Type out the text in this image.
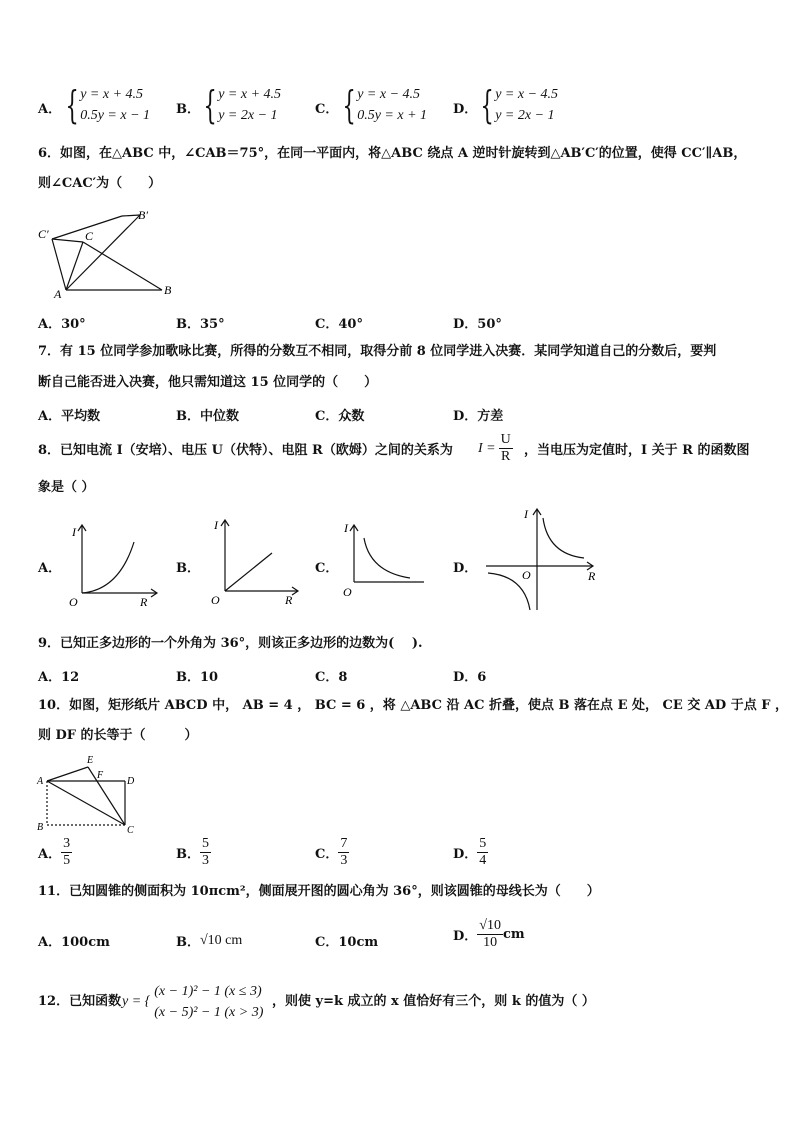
A． { y = x + 4.5
0.5y = x − 1 B． { y = x + 4.5
y = 2x − 1	C． { y = x − 4.5
0.5y = x + 1 D． { y = x − 4.5
y = 2x − 1
6．如图，在△ABC 中，∠CAB＝75°，在同一平面内，将△ABC 绕点 A 逆时针旋转到△AB′C′的位置，使得 CC′∥AB，
则∠CAC′为（　　）
C′	C
B′
A	B
A．30°	B．35°	C．40°	D．50°
7．有 15 位同学参加歌咏比赛，所得的分数互不相同，取得分前 8 位同学进入决赛．某同学知道自己的分数后，要判
断自己能否进入决赛，他只需知道这 15 位同学的（　　）
A．平均数	B．中位数	C．众数	D．方差
8．已知电流 I（安培）、电压 U（伏特）、电阻 R（欧姆）之间的关系为 $I = \frac{U}{R}$ ，当电压为定值时，I 关于 R 的函数图
象是（ ）
A．
I
O	R
B．
I
O	R
C．
I
O
D．
I
O	R
9．已知正多边形的一个外角为 36°，则该正多边形的边数为(　 ).
A．12	B．10	C．8	D．6
10．如图，矩形纸片 ABCD 中， AB = 4 ， BC = 6 ，将 △ABC 沿 AC 折叠，使点 B 落在点 E 处， CE 交 AD 于点 F ，
则 DF 的长等于（　　　）
A
E
F
D
B	C
A． $\frac{3}{5}$	B． $\frac{5}{3}$	C． $\frac{7}{3}$	D． $\frac{5}{4}$
11．已知圆锥的侧面积为 10πcm²，侧面展开图的圆心角为 36°，则该圆锥的母线长为（　　）
A．100cm	B． √10 cm	C．10cm	D． $\frac{√10}{10}$ cm
12．已知函数 y = {
(x − 1)² − 1 (x ≤ 3)
(x − 5)² − 1 (x > 3)
，则使 y=k 成立的 x 值恰好有三个，则 k 的值为（ ）
